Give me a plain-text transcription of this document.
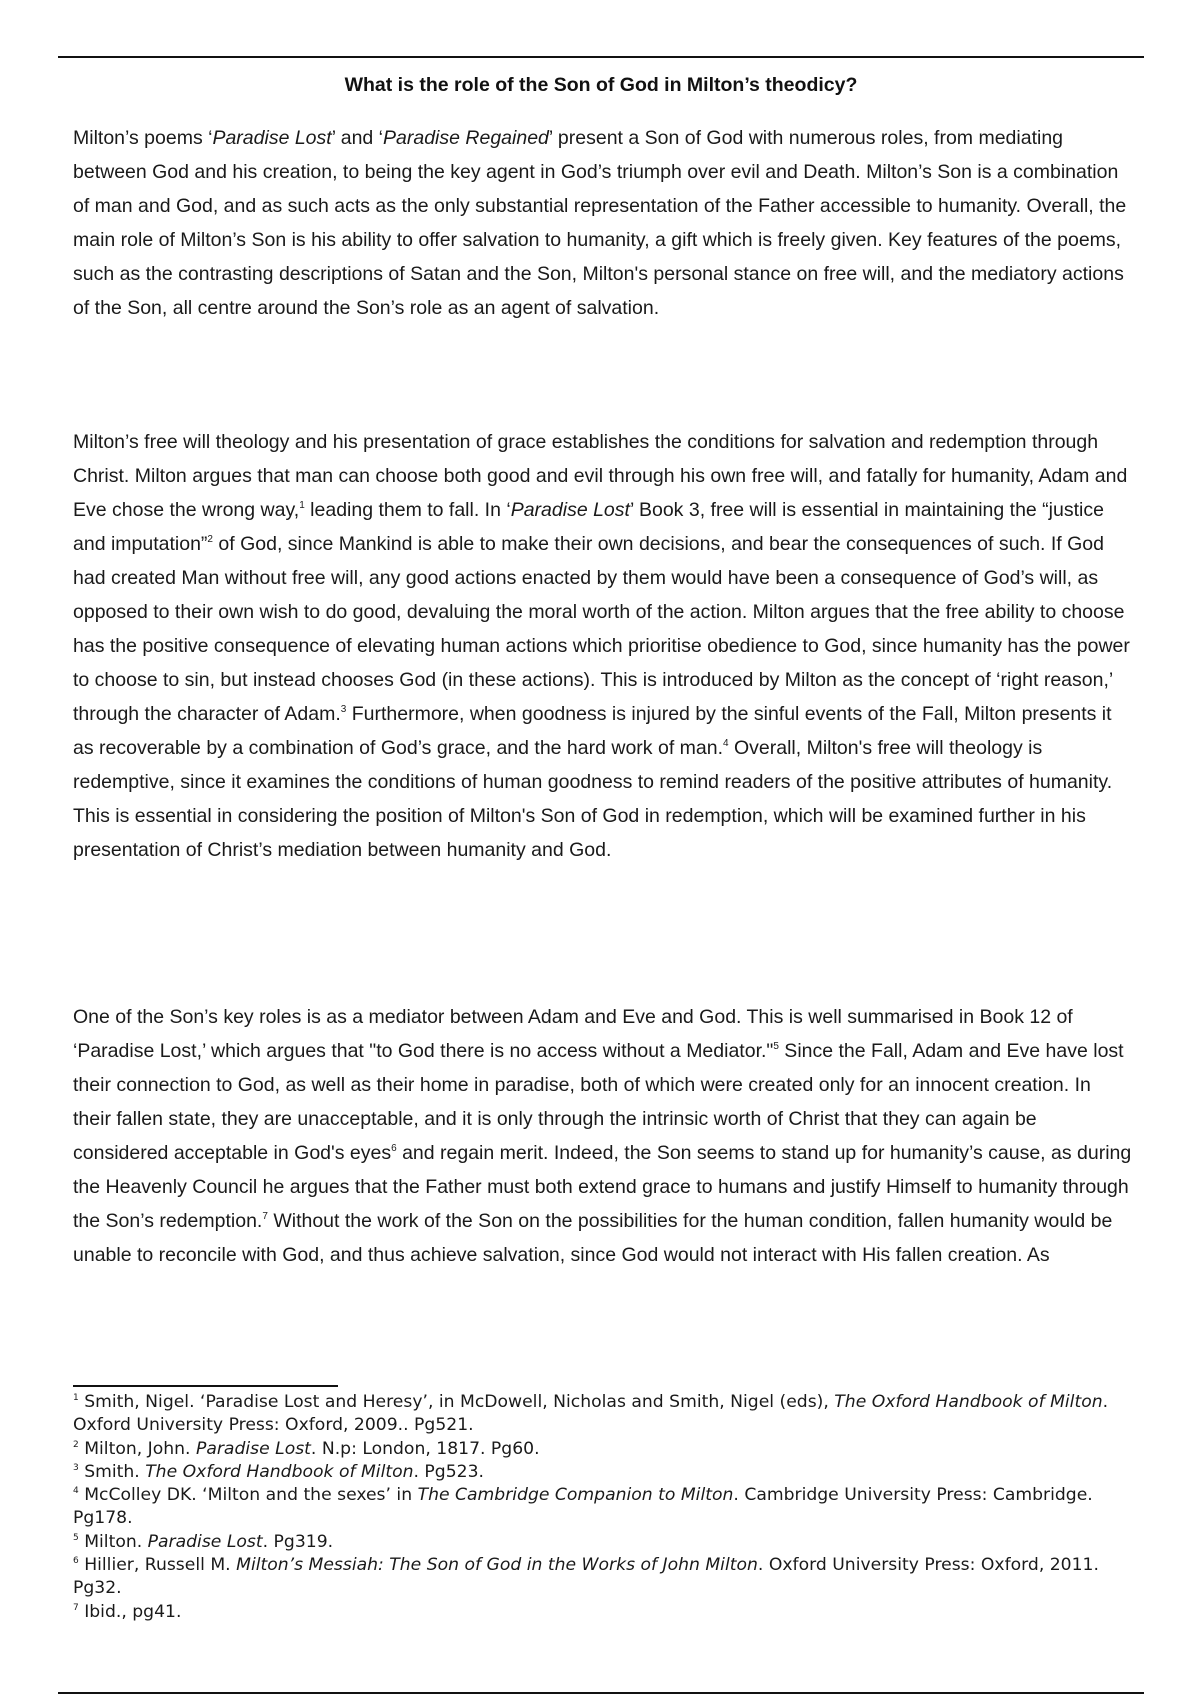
What is the role of the Son of God in Milton’s theodicy?

Milton’s poems ‘Paradise Lost’ and ‘Paradise Regained’ present a Son of God with numerous roles, from mediating between God and his creation, to being the key agent in God’s triumph over evil and Death. Milton’s Son is a combination of man and God, and as such acts as the only substantial representation of the Father accessible to humanity. Overall, the main role of Milton’s Son is his ability to offer salvation to humanity, a gift which is freely given. Key features of the poems, such as the contrasting descriptions of Satan and the Son, Milton's personal stance on free will, and the mediatory actions of the Son, all centre around the Son’s role as an agent of salvation.

Milton’s free will theology and his presentation of grace establishes the conditions for salvation and redemption through Christ. Milton argues that man can choose both good and evil through his own free will, and fatally for humanity, Adam and Eve chose the wrong way,$^1$ leading them to fall. In ‘Paradise Lost’ Book 3, free will is essential in maintaining the “justice and imputation”$^2$ of God, since Mankind is able to make their own decisions, and bear the consequences of such. If God had created Man without free will, any good actions enacted by them would have been a consequence of God’s will, as opposed to their own wish to do good, devaluing the moral worth of the action. Milton argues that the free ability to choose has the positive consequence of elevating human actions which prioritise obedience to God, since humanity has the power to choose to sin, but instead chooses God (in these actions). This is introduced by Milton as the concept of ‘right reason,’ through the character of Adam.$^3$ Furthermore, when goodness is injured by the sinful events of the Fall, Milton presents it as recoverable by a combination of God’s grace, and the hard work of man.$^4$ Overall, Milton's free will theology is redemptive, since it examines the conditions of human goodness to remind readers of the positive attributes of humanity. This is essential in considering the position of Milton's Son of God in redemption, which will be examined further in his presentation of Christ’s mediation between humanity and God.

One of the Son’s key roles is as a mediator between Adam and Eve and God. This is well summarised in Book 12 of ‘Paradise Lost,’ which argues that "to God there is no access without a Mediator."$^5$ Since the Fall, Adam and Eve have lost their connection to God, as well as their home in paradise, both of which were created only for an innocent creation. In their fallen state, they are unacceptable, and it is only through the intrinsic worth of Christ that they can again be considered acceptable in God's eyes$^6$ and regain merit. Indeed, the Son seems to stand up for humanity’s cause, as during the Heavenly Council he argues that the Father must both extend grace to humans and justify Himself to humanity through the Son’s redemption.$^7$ Without the work of the Son on the possibilities for the human condition, fallen humanity would be unable to reconcile with God, and thus achieve salvation, since God would not interact with His fallen creation. As

$^1$ Smith, Nigel. ‘Paradise Lost and Heresy’, in McDowell, Nicholas and Smith, Nigel (eds), The Oxford Handbook of Milton. Oxford University Press: Oxford, 2009.. Pg521.

$^2$ Milton, John. Paradise Lost. N.p: London, 1817. Pg60.

$^3$ Smith. The Oxford Handbook of Milton. Pg523.

$^4$ McColley DK. ‘Milton and the sexes’ in The Cambridge Companion to Milton. Cambridge University Press: Cambridge. Pg178.

$^5$ Milton. Paradise Lost. Pg319.

$^6$ Hillier, Russell M. Milton’s Messiah: The Son of God in the Works of John Milton. Oxford University Press: Oxford, 2011. Pg32.

$^7$ Ibid., pg41.
